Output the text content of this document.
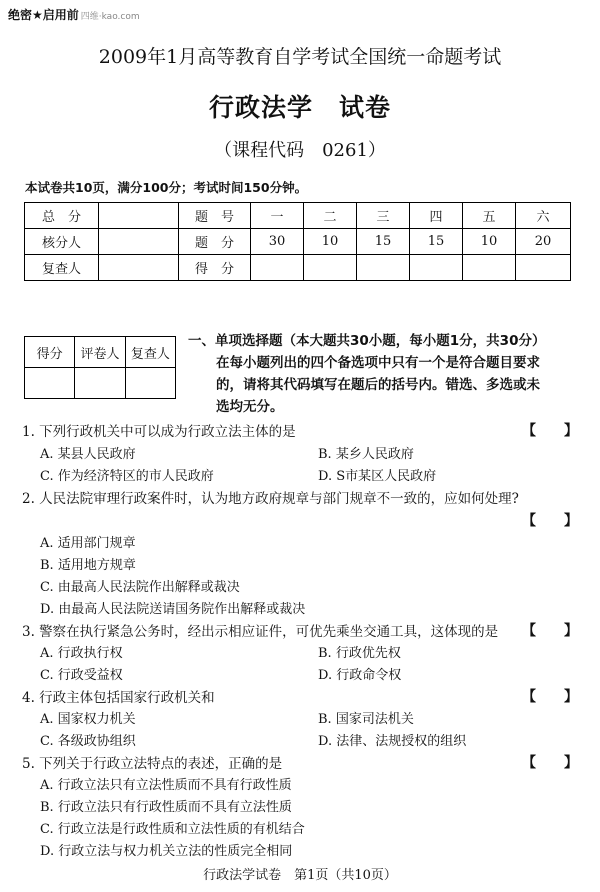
绝密★启用前 四维·kao.com
2009年1月高等教育自学考试全国统一命题考试
行政法学　试卷
（课程代码　0261）
本试卷共10页，满分100分；考试时间150分钟。
总　分		题　号	一	二	三	四	五	六
核分人		题　分	30	10	15	15	10	20
复查人		得　分						
得分	评卷人	复查人

一、单项选择题（本大题共30小题，每小题1分，共30分）

在每小题列出的四个备选项中只有一个是符合题目要求

的，请将其代码填写在题后的括号内。错选、多选或未

选均无分。

1. 下列行政机关中可以成为行政立法主体的是	【　　】
A. 某县人民政府	B. 某乡人民政府
C. 作为经济特区的市人民政府	D. S市某区人民政府
2. 人民法院审理行政案件时，认为地方政府规章与部门规章不一致的，应如何处理?
【　　】
A. 适用部门规章
B. 适用地方规章
C. 由最高人民法院作出解释或裁决
D. 由最高人民法院送请国务院作出解释或裁决
3. 警察在执行紧急公务时，经出示相应证件，可优先乘坐交通工具，这体现的是 【　　】
A. 行政执行权	B. 行政优先权
C. 行政受益权	D. 行政命令权
4. 行政主体包括国家行政机关和	【　　】
A. 国家权力机关	B. 国家司法机关
C. 各级政协组织	D. 法律、法规授权的组织
5. 下列关于行政立法特点的表述，正确的是	【　　】
A. 行政立法只有立法性质而不具有行政性质
B. 行政立法只有行政性质而不具有立法性质
C. 行政立法是行政性质和立法性质的有机结合
D. 行政立法与权力机关立法的性质完全相同
行政法学试卷　第1页（共10页）
